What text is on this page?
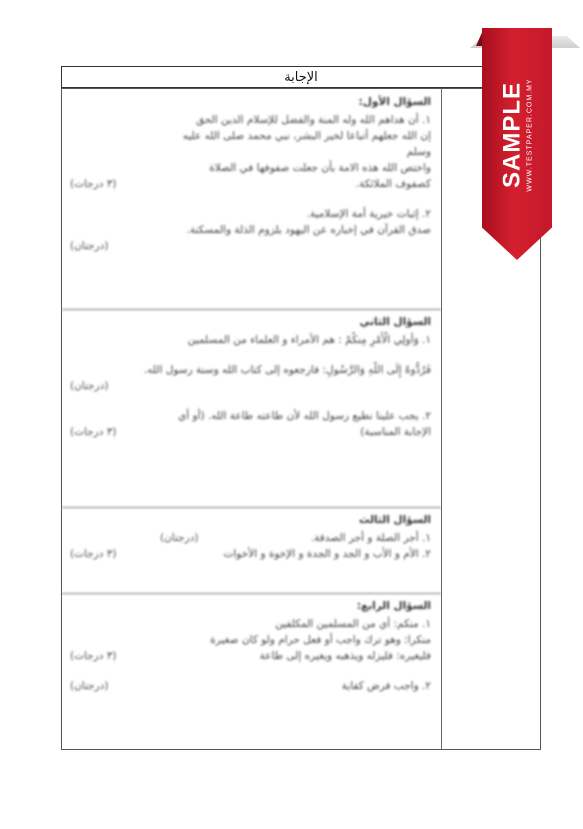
الإجابة
السؤال الأول:
١. أن هداهم الله وله المنة والفضل للإسلام الدين الحق
إن الله جعلهم أتباعا لخير البشر، نبي محمد صلى الله عليه
وسلم
واختص الله هذه الامة بأن جعلت صفوفها في الصلاة
كصفوف الملائكة.
(٣ درجات)
٢. إثبات خيرية أمة الإسلامية.
صدق القرآن في إخباره عن اليهود بلزوم الذلة والمسكنة.
(درجتان)
السؤال الثاني
١. وَأُولِي الْأَمْرِ مِنكُمْ : هم الأمراء و العلماء من المسلمين
فَرُدُّوهُ إِلَى اللَّهِ وَالرَّسُولِ: فارجعوه إلى كتاب الله وسنة رسول الله.
(درجتان)
٢. يجب علينا نطيع رسول الله لأن طاعته طاعة الله. (أو أي
الإجابة المناسبة)
(٣ درجات)
السؤال الثالث
١. أجر الصلة و أجر الصدقة.
(درجتان)
٢. الأم و الأب و الجد و الجدة و الإخوة و الأخوات
(٣ درجات)
السؤال الرابع:
١. منكم: أي من المسلمين المكلفين
منكرا: وهو ترك واجب أو فعل حرام ولو كان صغيرة
فليغيره: فليزله ويذهبه ويغيره إلى طاعة
(٣ درجات)
٢. واجب فرض كفاية
(درجتان)
SAMPLE WWW.TESTPAPER.COM.MY
